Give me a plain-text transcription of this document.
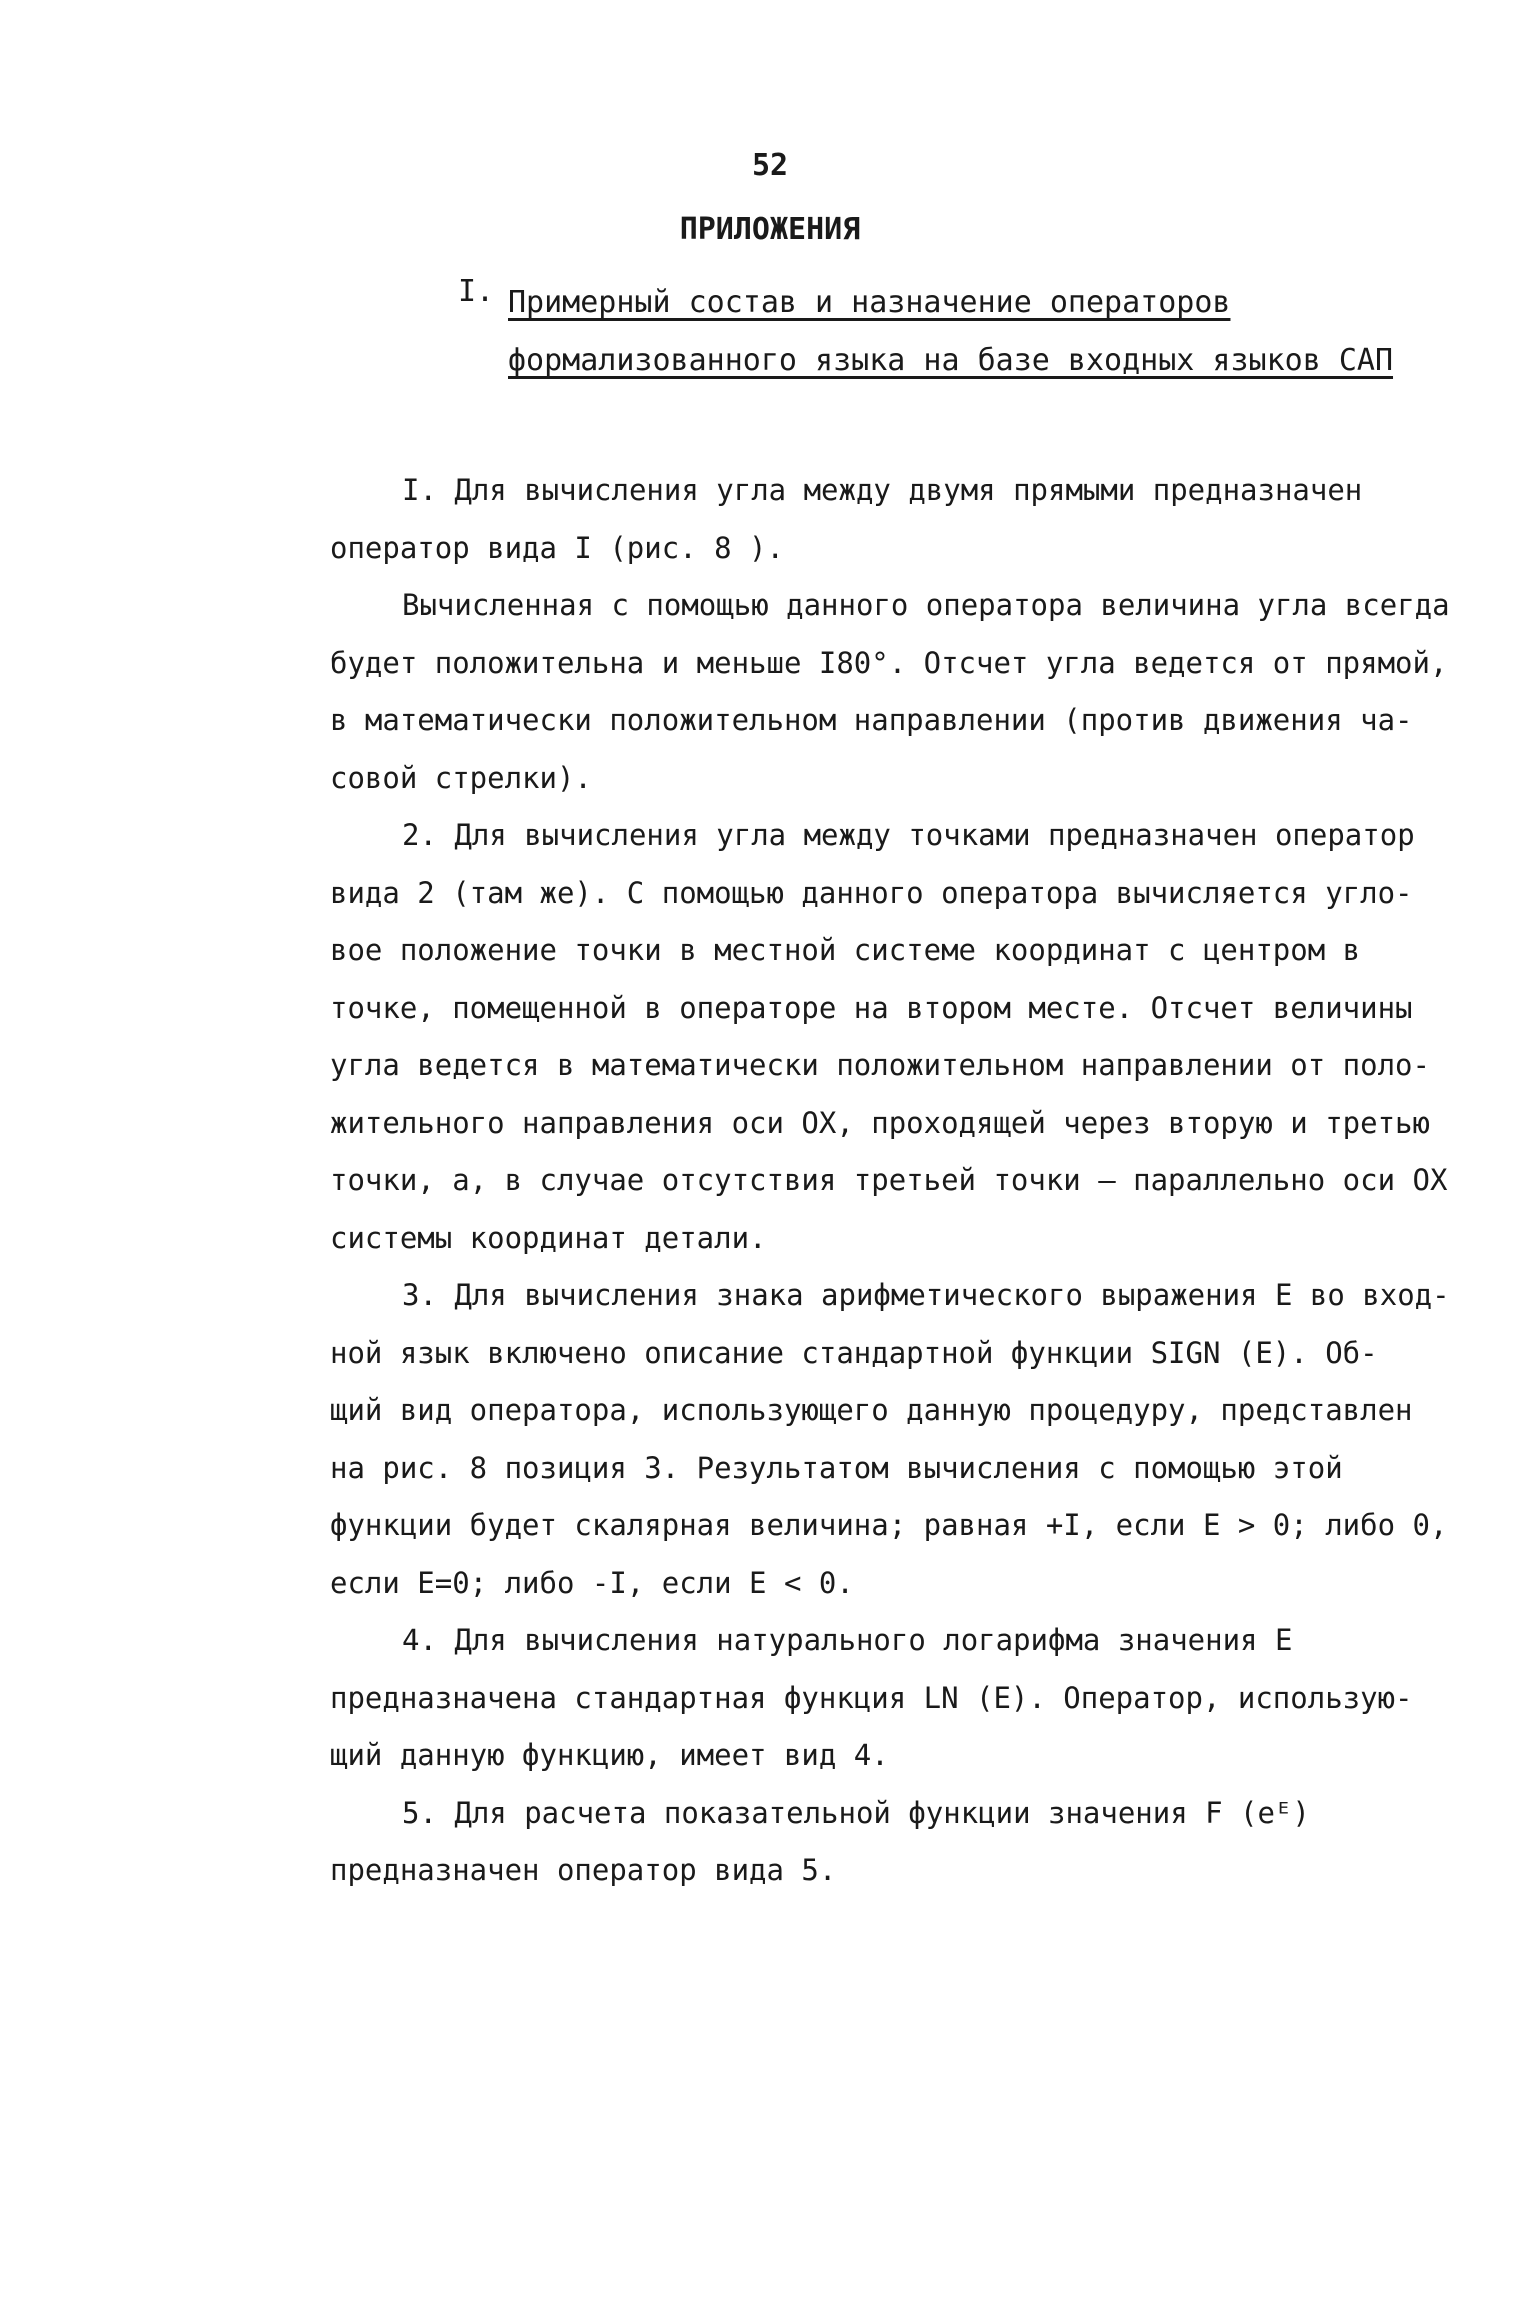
52
ПРИЛОЖЕНИЯ
I. Примерный состав и назначение операторов
формализованного языка на базе входных языков САП
I. Для вычисления угла между двумя прямыми предназначен
оператор вида I (рис. 8 ).
Вычисленная с помощью данного оператора величина угла всегда
будет положительна и меньше I80°. Отсчет угла ведется от прямой,
в математически положительном направлении (против движения ча-
совой стрелки).
2. Для вычисления угла между точками предназначен оператор
вида 2 (там же). С помощью данного оператора вычисляется угло-
вое положение точки в местной системе координат с центром в
точке, помещенной в операторе на втором месте. Отсчет величины
угла ведется в математически положительном направлении от поло-
жительного направления оси ОХ, проходящей через вторую и третью
точки, а, в случае отсутствия третьей точки — параллельно оси ОХ
системы координат детали.
3. Для вычисления знака арифметического выражения Е во вход-
ной язык включено описание стандартной функции SIGN (E). Об-
щий вид оператора, использующего данную процедуру, представлен
на рис. 8 позиция 3. Результатом вычисления с помощью этой
функции будет скалярная величина; равная +I, если Е > 0; либо 0,
если Е=0; либо -I, если Е < 0.
4. Для вычисления натурального логарифма значения Е
предназначена стандартная функция LN (E). Оператор, использую-
щий данную функцию, имеет вид 4.
5. Для расчета показательной функции значения F (eᴱ)
предназначен оператор вида 5.
